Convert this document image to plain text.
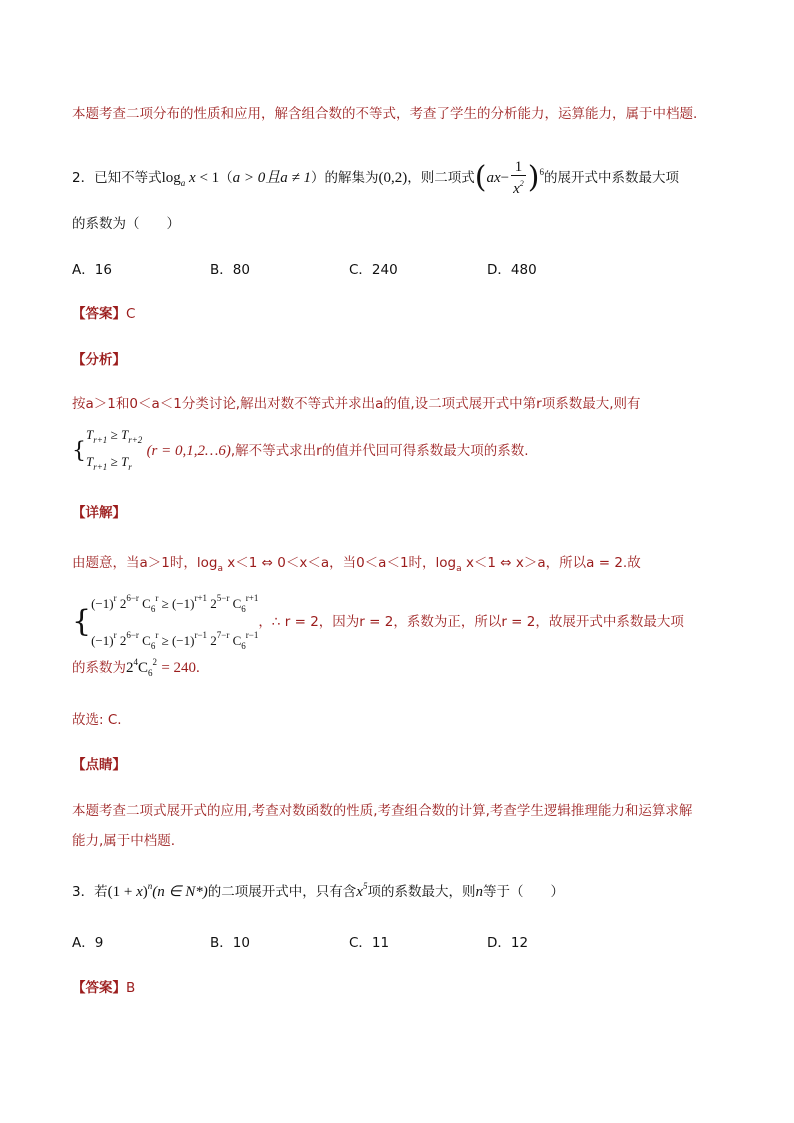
本题考查二项分布的性质和应用，解含组合数的不等式，考查了学生的分析能力，运算能力，属于中档题.
2．已知不等式$\log_a x < 1(a > 0$且a ≠ 1）的解集为(0,2)，则二项式$(ax- \frac{1}{x^2} )^6$的展开式中系数最大项
的系数为（　　）
A．16	B．80	C．240	D．480
【答案】C
【分析】
按a＞1和0＜a＜1分类讨论,解出对数不等式并求出a的值,设二项式展开式中第r项系数最大,则有
{$T_{r+1} \ge T_{r+2}$
$T_{r+1} \ge T_r$ (r = 0,1,2…6),解不等式求出r的值并代回可得系数最大项的系数.
【详解】
由题意，当a＞1时，$\log_a x<1$ ⇔ 0＜x＜a，当0＜a＜1时，$\log_a x<1$ ⇔ x＞a，所以a = 2.故
{$(-1)^r$ $2^{6-r}$ $C_6^r \ge (-1)^{r+1}$ $2^{5-r}$ $C_6^{r+1}$
$(-1)^r$ $2^{6-r}$ $C_6^r \ge (-1)^{r-1}$ $2^{7-r}$ $C_6^{r-1}$，∴ r = 2，因为r = 2，系数为正，所以r = 2，故展开式中系数最大项
的系数为$2^4C_6^2 = 240$.
故选: C.
【点睛】
本题考查二项式展开式的应用,考查对数函数的性质,考查组合数的计算,考查学生逻辑推理能力和运算求解
能力,属于中档题.
3．若$(1 + x)^n(n$ ∈ N*)的二项展开式中，只有含$x^5$项的系数最大，则n等于（　　）
A．9	B．10	C．11	D．12
【答案】B
